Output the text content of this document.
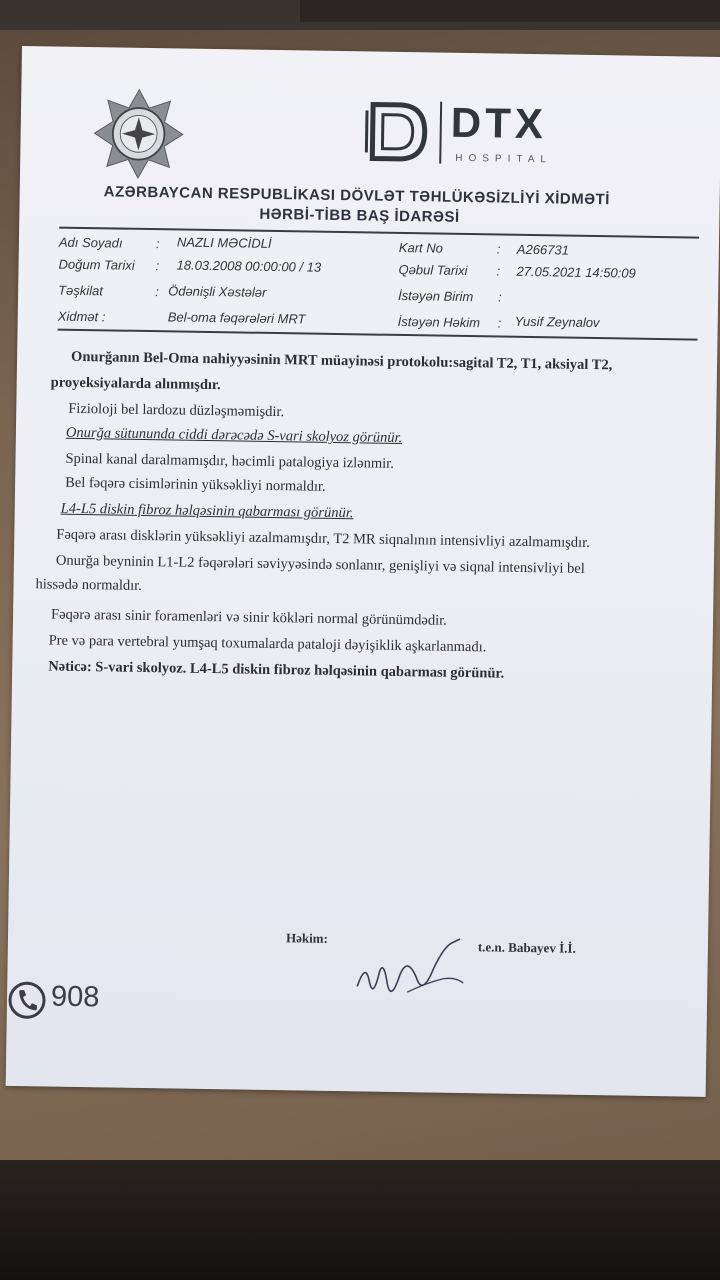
DTX
HOSPITAL
AZƏRBAYCAN RESPUBLİKASI DÖVLƏT TƏHLÜKƏSİZLİYİ XİDMƏTİ
HƏRBİ-TİBB BAŞ İDARƏSİ
Adı Soyadı	: NAZLI MƏCİDLİ
Doğum Tarixi : 18.03.2008 00:00:00 / 13
Təşkilat	: Ödənişli Xəstələr
Xidmət :	Bel-oma fəqərələri MRT
Kart No	: A266731
Qəbul Tarixi : 27.05.2021 14:50:09
İstəyən Birim :
İstəyən Həkim : Yusif Zeynalov
Onurğanın Bel-Oma nahiyyəsinin MRT müayinəsi protokolu:sagital T2, T1, aksiyal T2,
proyeksiyalarda alınmışdır.
Fizioloji bel lardozu düzləşməmişdir.
Onurğa sütununda ciddi dərəcədə S-vari skolyoz görünür.
Spinal kanal daralmamışdır, həcimli patalogiya izlənmir.
Bel fəqərə cisimlərinin yüksəkliyi normaldır.
L4-L5 diskin fibroz həlqəsinin qabarması görünür.
Fəqərə arası disklərin yüksəkliyi azalmamışdır, T2 MR siqnalının intensivliyi azalmamışdır.
Onurğa beyninin L1-L2 fəqərələri səviyyəsində sonlanır, genişliyi və siqnal intensivliyi bel
hissədə normaldır.
Fəqərə arası sinir foramenləri və sinir kökləri normal görünümdədir.
Pre və para vertebral yumşaq toxumalarda pataloji dəyişiklik aşkarlanmadı.
Nəticə: S-vari skolyoz. L4-L5 diskin fibroz həlqəsinin qabarması görünür.
Həkim:
t.e.n. Babayev İ.İ.
908
